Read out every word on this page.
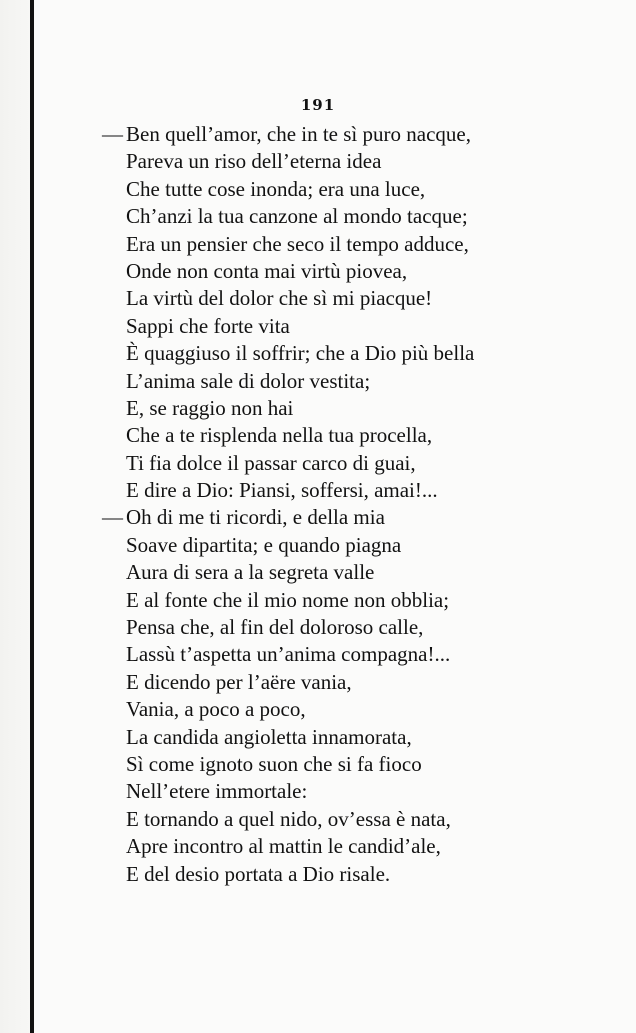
191
— Ben quell’amor, che in te sì puro nacque,
Pareva un riso dell’eterna idea
Che tutte cose inonda; era una luce,
Ch’anzi la tua canzone al mondo tacque;
Era un pensier che seco il tempo adduce,
Onde non conta mai virtù piovea,
La virtù del dolor che sì mi piacque!
Sappi che forte vita
È quaggiuso il soffrir; che a Dio più bella
L’anima sale di dolor vestita;
E, se raggio non hai
Che a te risplenda nella tua procella,
Ti fia dolce il passar carco di guai,
E dire a Dio: Piansi, soffersi, amai!...
— Oh di me ti ricordi, e della mia
Soave dipartita; e quando piagna
Aura di sera a la segreta valle
E al fonte che il mio nome non obblia;
Pensa che, al fin del doloroso calle,
Lassù t’aspetta un’anima compagna!...
E dicendo per l’aëre vania,
Vania, a poco a poco,
La candida angioletta innamorata,
Sì come ignoto suon che si fa fioco
Nell’etere immortale:
E tornando a quel nido, ov’essa è nata,
Apre incontro al mattin le candid’ale,
E del desio portata a Dio risale.
